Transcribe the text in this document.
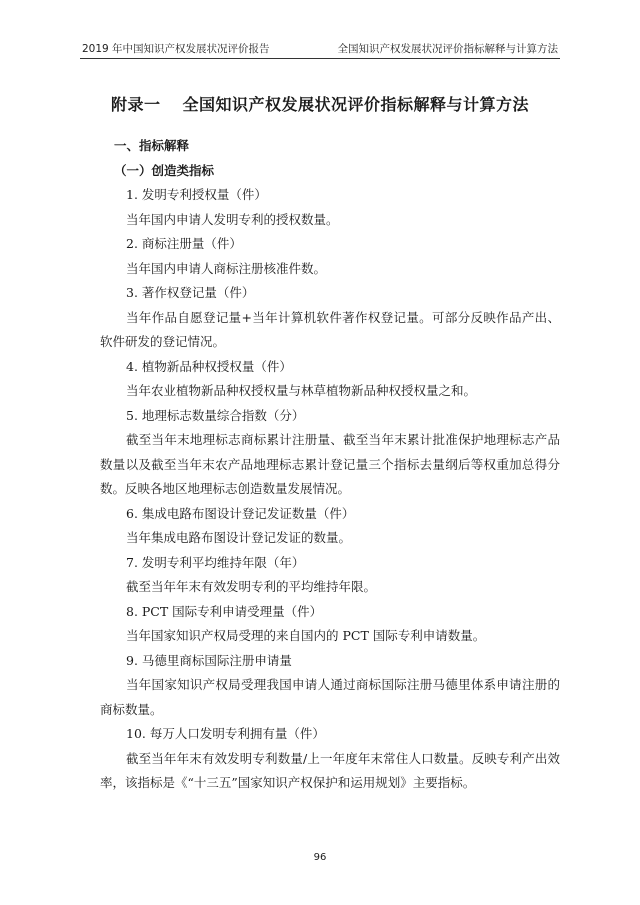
2019 年中国知识产权发展状况评价报告	全国知识产权发展状况评价指标解释与计算方法
附录一 全国知识产权发展状况评价指标解释与计算方法
一、指标解释
（一）创造类指标
1. 发明专利授权量（件）
当年国内申请人发明专利的授权数量。
2. 商标注册量（件）
当年国内申请人商标注册核准件数。
3. 著作权登记量（件）
当年作品自愿登记量+当年计算机软件著作权登记量。可部分反映作品产出、软件研发的登记情况。
4. 植物新品种权授权量（件）
当年农业植物新品种权授权量与林草植物新品种权授权量之和。
5. 地理标志数量综合指数（分）
截至当年末地理标志商标累计注册量、截至当年末累计批准保护地理标志产品数量以及截至当年末农产品地理标志累计登记量三个指标去量纲后等权重加总得分数。反映各地区地理标志创造数量发展情况。
6. 集成电路布图设计登记发证数量（件）
当年集成电路布图设计登记发证的数量。
7. 发明专利平均维持年限（年）
截至当年年末有效发明专利的平均维持年限。
8. PCT 国际专利申请受理量（件）
当年国家知识产权局受理的来自国内的 PCT 国际专利申请数量。
9. 马德里商标国际注册申请量
当年国家知识产权局受理我国申请人通过商标国际注册马德里体系申请注册的商标数量。
10. 每万人口发明专利拥有量（件）
截至当年年末有效发明专利数量/上一年度年末常住人口数量。反映专利产出效率，该指标是《“十三五”国家知识产权保护和运用规划》主要指标。
96
